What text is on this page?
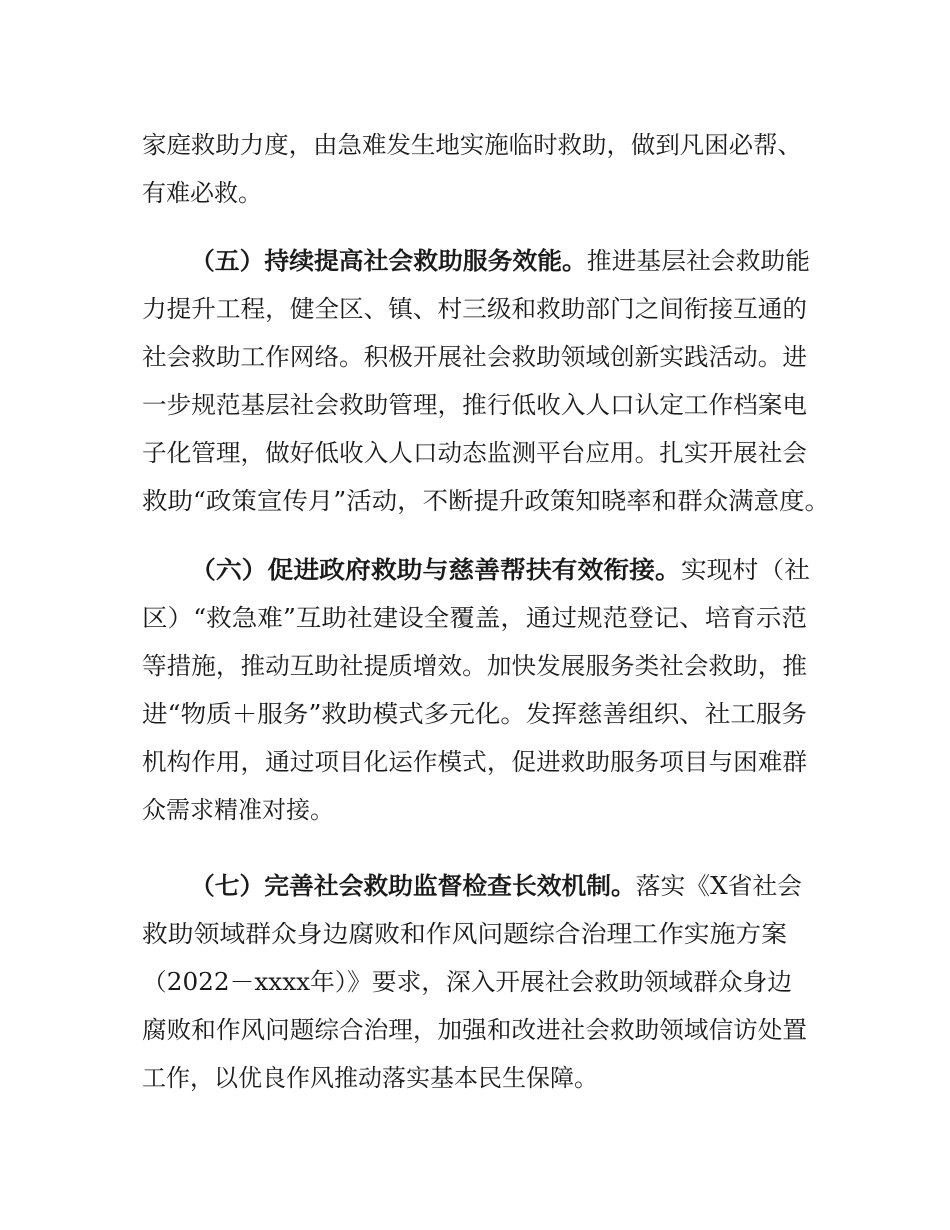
家庭救助力度，由急难发生地实施临时救助，做到凡困必帮、
有难必救。
（五）持续提高社会救助服务效能。推进基层社会救助能
力提升工程，健全区、镇、村三级和救助部门之间衔接互通的
社会救助工作网络。积极开展社会救助领域创新实践活动。进
一步规范基层社会救助管理，推行低收入人口认定工作档案电
子化管理，做好低收入人口动态监测平台应用。扎实开展社会
救助“政策宣传月”活动，不断提升政策知晓率和群众满意度。
（六）促进政府救助与慈善帮扶有效衔接。实现村（社
区）“救急难”互助社建设全覆盖，通过规范登记、培育示范
等措施，推动互助社提质增效。加快发展服务类社会救助，推
进“物质＋服务”救助模式多元化。发挥慈善组织、社工服务
机构作用，通过项目化运作模式，促进救助服务项目与困难群
众需求精准对接。
（七）完善社会救助监督检查长效机制。落实《X省社会
救助领域群众身边腐败和作风问题综合治理工作实施方案
（2022－xxxx年）》要求，深入开展社会救助领域群众身边
腐败和作风问题综合治理，加强和改进社会救助领域信访处置
工作，以优良作风推动落实基本民生保障。
